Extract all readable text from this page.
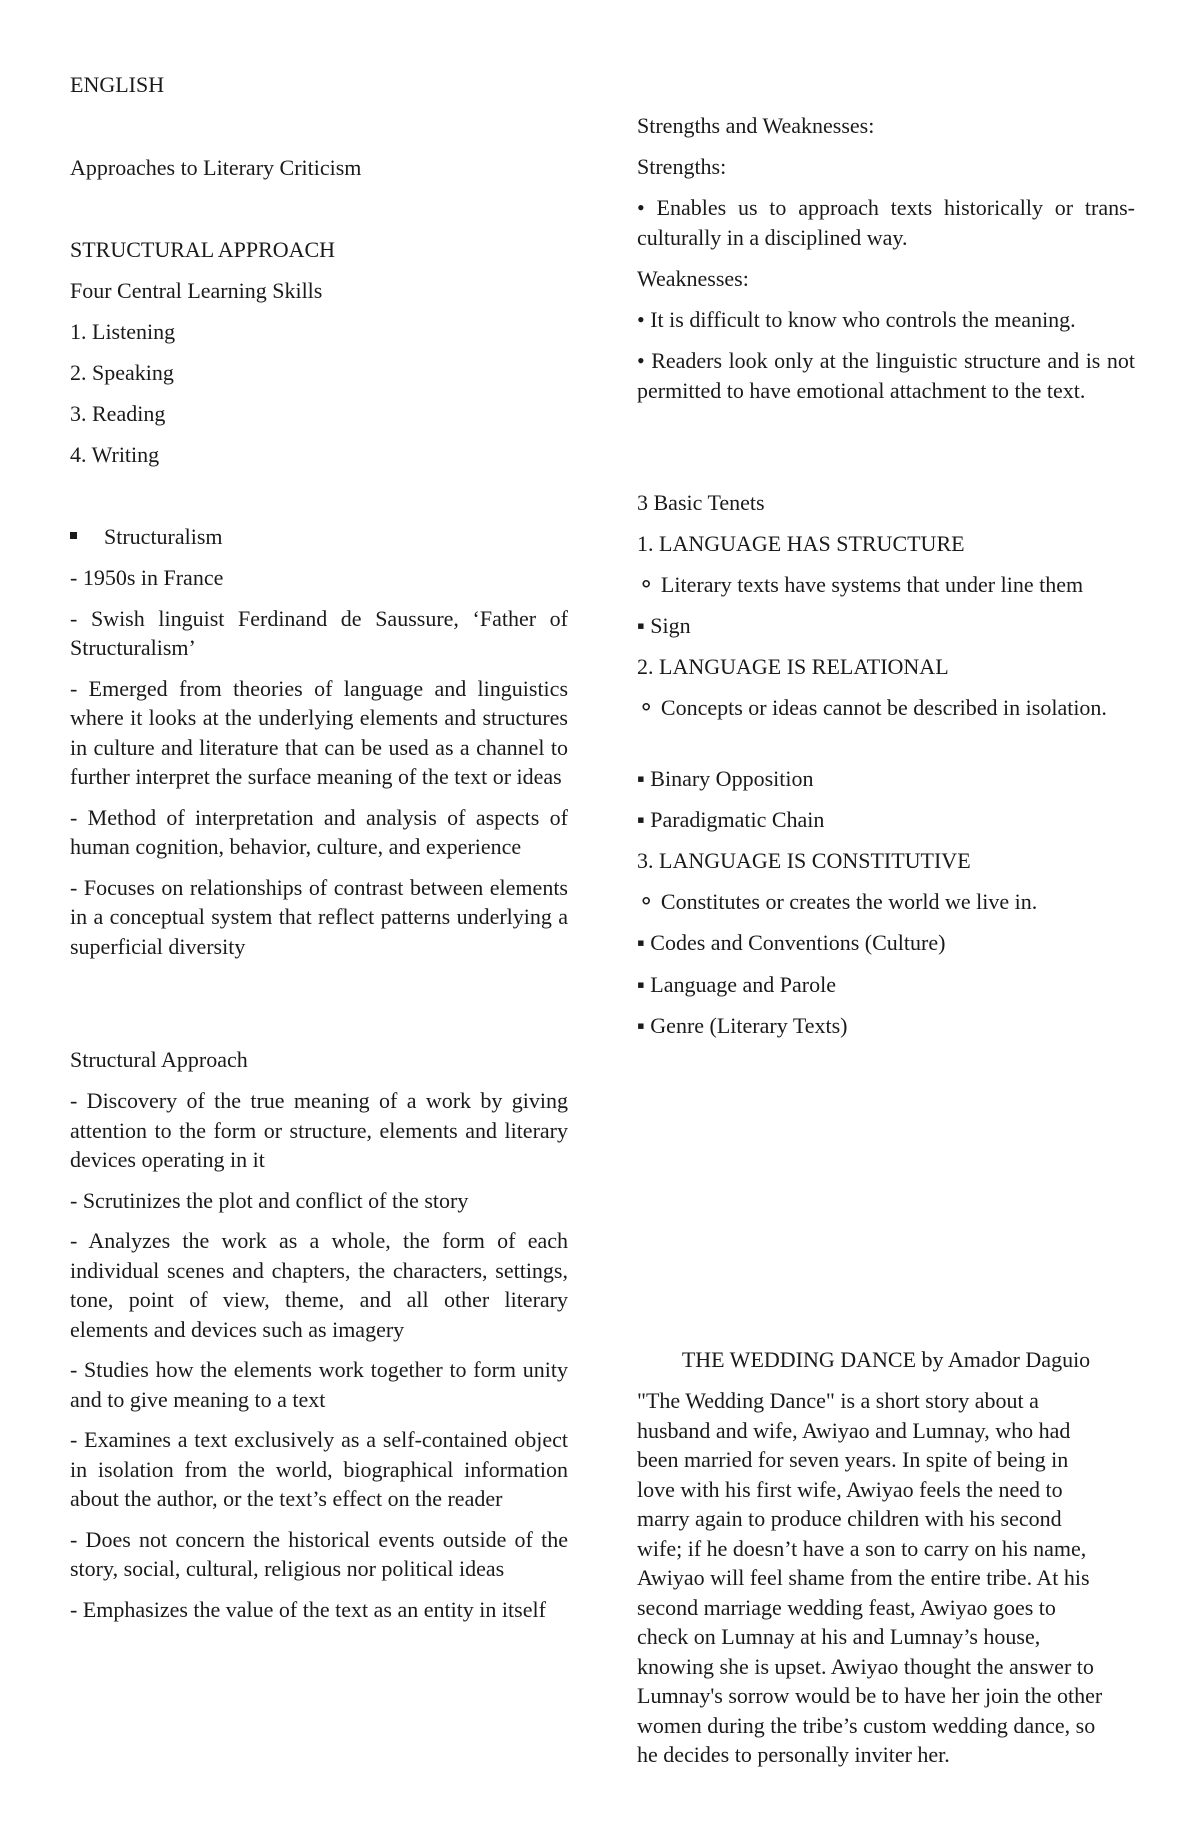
ENGLISH

Approaches to Literary Criticism

STRUCTURAL APPROACH

Four Central Learning Skills

1. Listening

2. Speaking

3. Reading

4. Writing

Structuralism

- 1950s in France

- Swish linguist Ferdinand de Saussure, ‘Father of Structuralism’

- Emerged from theories of language and linguistics where it looks at the underlying elements and structures in culture and literature that can be used as a channel to further interpret the surface meaning of the text or ideas

- Method of interpretation and analysis of aspects of human cognition, behavior, culture, and experience

- Focuses on relationships of contrast between elements in a conceptual system that reflect patterns underlying a superficial diversity

Structural Approach

- Discovery of the true meaning of a work by giving attention to the form or structure, elements and literary devices operating in it

- Scrutinizes the plot and conflict of the story

- Analyzes the work as a whole, the form of each individual scenes and chapters, the characters, settings, tone, point of view, theme, and all other literary elements and devices such as imagery

- Studies how the elements work together to form unity and to give meaning to a text

- Examines a text exclusively as a self-contained object in isolation from the world, biographical information about the author, or the text’s effect on the reader

- Does not concern the historical events outside of the story, social, cultural, religious nor political ideas

- Emphasizes the value of the text as an entity in itself

Strengths and Weaknesses:

Strengths:

• Enables us to approach texts historically or trans-culturally in a disciplined way.

Weaknesses:

• It is difficult to know who controls the meaning.

• Readers look only at the linguistic structure and is not permitted to have emotional attachment to the text.

3 Basic Tenets

1. LANGUAGE HAS STRUCTURE

⚬ Literary texts have systems that under line them

▪ Sign

2. LANGUAGE IS RELATIONAL

⚬ Concepts or ideas cannot be described in isolation.

▪ Binary Opposition

▪ Paradigmatic Chain

3. LANGUAGE IS CONSTITUTIVE

⚬ Constitutes or creates the world we live in.

▪ Codes and Conventions (Culture)

▪ Language and Parole

▪ Genre (Literary Texts)

THE WEDDING DANCE by Amador Daguio

"The Wedding Dance" is a short story about a husband and wife, Awiyao and Lumnay, who had been married for seven years. In spite of being in love with his first wife, Awiyao feels the need to marry again to produce children with his second wife; if he doesn’t have a son to carry on his name, Awiyao will feel shame from the entire tribe. At his second marriage wedding feast, Awiyao goes to check on Lumnay at his and Lumnay’s house, knowing she is upset. Awiyao thought the answer to Lumnay's sorrow would be to have her join the other women during the tribe’s custom wedding dance, so he decides to personally inviter her.
